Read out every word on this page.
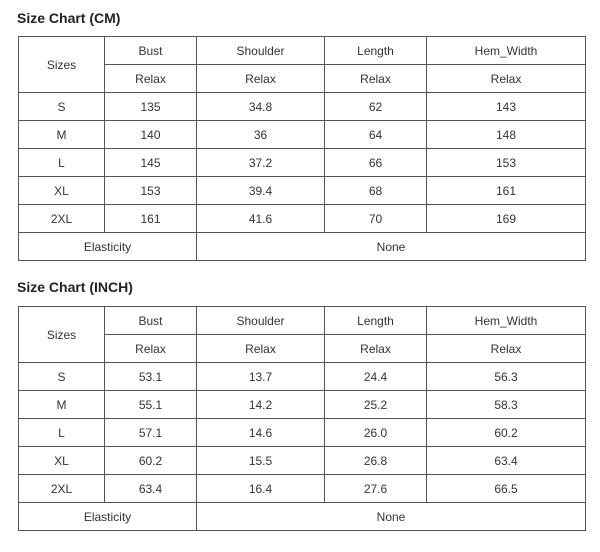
Size Chart (CM)
Sizes	Bust	Shoulder	Length	Hem_Width
	Relax	Relax	Relax	Relax
S	135	34.8	62	143
M	140	36	64	148
L	145	37.2	66	153
XL	153	39.4	68	161
2XL	161	41.6	70	169
Elasticity		None		
Size Chart (INCH)
Sizes	Bust	Shoulder	Length	Hem_Width
	Relax	Relax	Relax	Relax
S	53.1	13.7	24.4	56.3
M	55.1	14.2	25.2	58.3
L	57.1	14.6	26.0	60.2
XL	60.2	15.5	26.8	63.4
2XL	63.4	16.4	27.6	66.5
Elasticity		None		
